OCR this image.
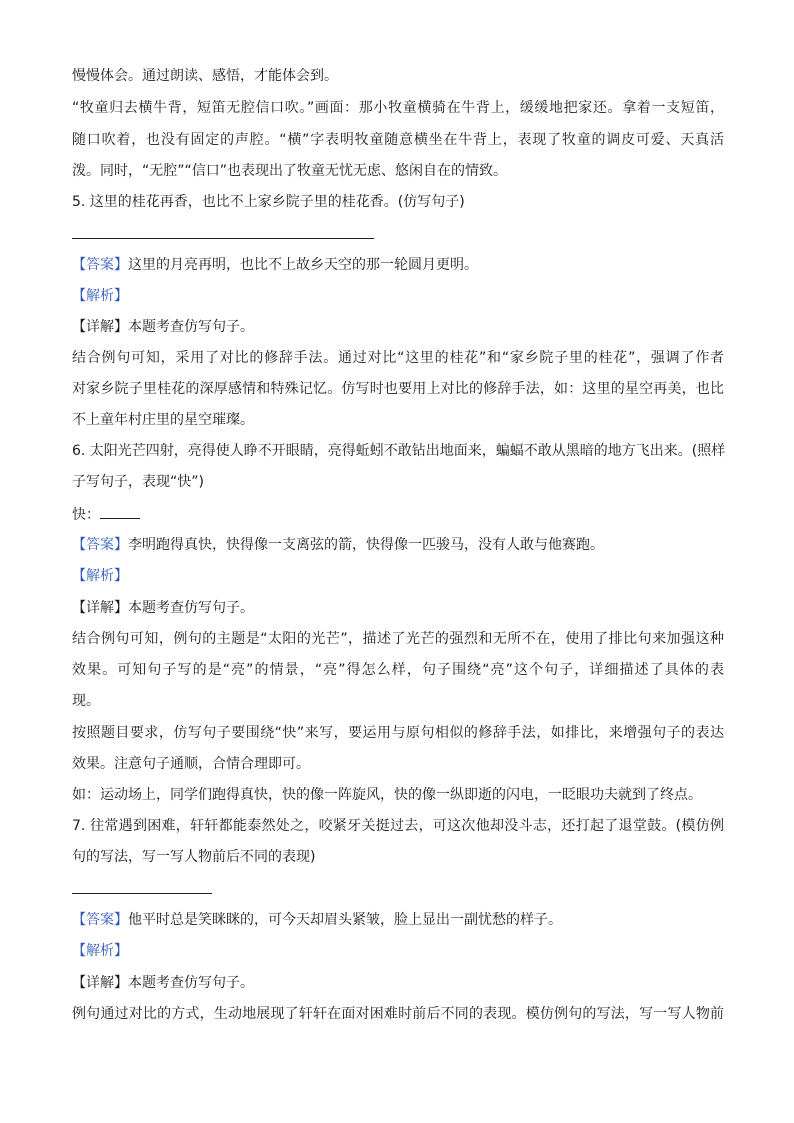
慢慢体会。通过朗读、感悟，才能体会到。
“牧童归去横牛背，短笛无腔信口吹。”画面：那小牧童横骑在牛背上，缓缓地把家还。拿着一支短笛，
随口吹着，也没有固定的声腔。“横”字表明牧童随意横坐在牛背上，表现了牧童的调皮可爱、天真活
泼。同时，“无腔”“信口”也表现出了牧童无忧无虑、悠闲自在的情致。
5. 这里的桂花再香，也比不上家乡院子里的桂花香。(仿写句子)
【答案】这里的月亮再明，也比不上故乡天空的那一轮圆月更明。
【解析】
【详解】本题考查仿写句子。
结合例句可知，采用了对比的修辞手法。通过对比“这里的桂花”和“家乡院子里的桂花”，强调了作者
对家乡院子里桂花的深厚感情和特殊记忆。仿写时也要用上对比的修辞手法，如：这里的星空再美，也比
不上童年村庄里的星空璀璨。
6. 太阳光芒四射，亮得使人睁不开眼睛，亮得蚯蚓不敢钻出地面来，蝙蝠不敢从黑暗的地方飞出来。(照样
子写句子，表现“快”)
快：
【答案】李明跑得真快，快得像一支离弦的箭，快得像一匹骏马，没有人敢与他赛跑。
【解析】
【详解】本题考查仿写句子。
结合例句可知，例句的主题是“太阳的光芒”，描述了光芒的强烈和无所不在，使用了排比句来加强这种
效果。可知句子写的是“亮”的情景，“亮”得怎么样，句子围绕“亮”这个句子，详细描述了具体的表
现。
按照题目要求，仿写句子要围绕“快”来写，要运用与原句相似的修辞手法，如排比，来增强句子的表达
效果。注意句子通顺，合情合理即可。
如：运动场上，同学们跑得真快，快的像一阵旋风，快的像一纵即逝的闪电，一眨眼功夫就到了终点。
7. 往常遇到困难，轩轩都能泰然处之，咬紧牙关挺过去，可这次他却没斗志，还打起了退堂鼓。(模仿例
句的写法，写一写人物前后不同的表现)
【答案】他平时总是笑眯眯的，可今天却眉头紧皱，脸上显出一副忧愁的样子。
【解析】
【详解】本题考查仿写句子。
例句通过对比的方式，生动地展现了轩轩在面对困难时前后不同的表现。模仿例句的写法，写一写人物前
